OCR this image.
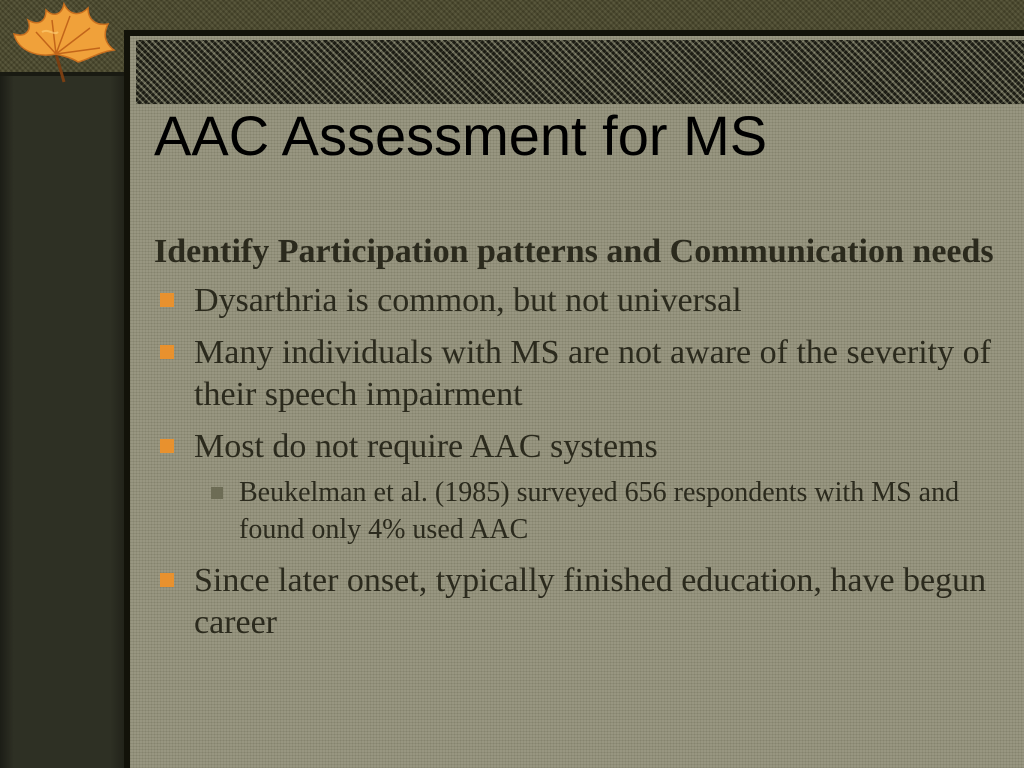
AAC Assessment for MS

Identify Participation patterns and Communication needs

Dysarthria is common, but not universal
Many individuals with MS are not aware of the severity of their speech impairment
Most do not require AAC systems
Beukelman et al. (1985) surveyed 656 respondents with MS and found only 4% used AAC
Since later onset, typically finished education, have begun career
